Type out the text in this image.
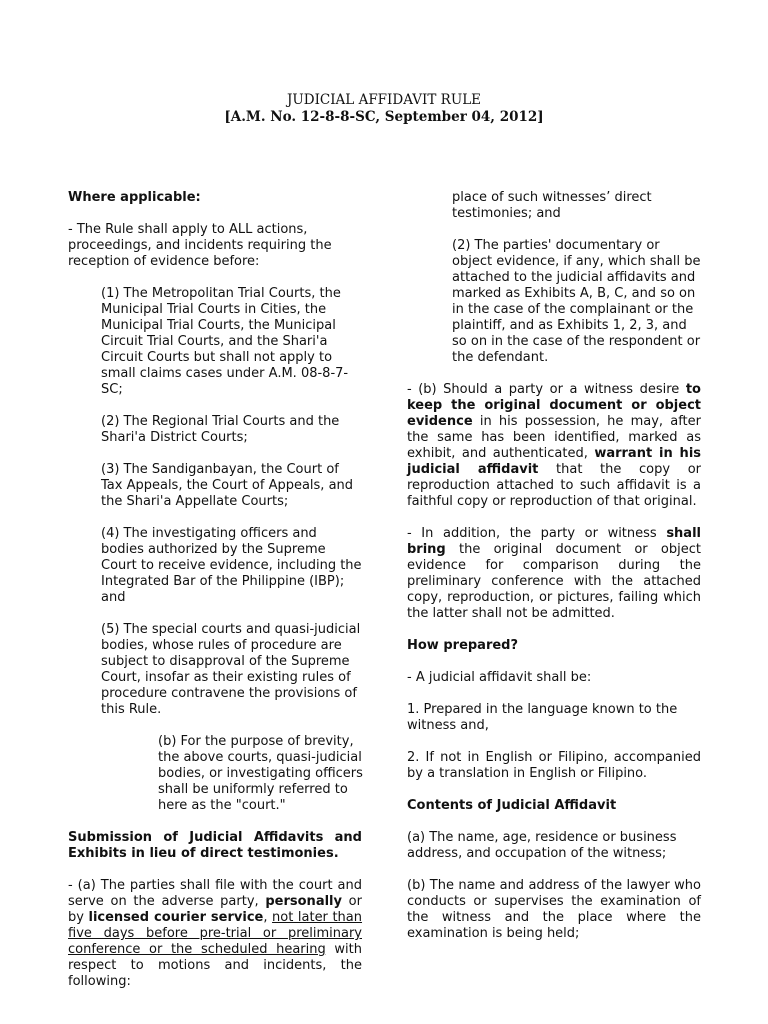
JUDICIAL AFFIDAVIT RULE
[A.M. No. 12-8-8-SC, September 04, 2012]

Where applicable:

- The Rule shall apply to ALL actions, proceedings, and incidents requiring the reception of evidence before:

(1) The Metropolitan Trial Courts, the Municipal Trial Courts in Cities, the Municipal Trial Courts, the Municipal Circuit Trial Courts, and the Shari'a Circuit Courts but shall not apply to small claims cases under A.M. 08-8-7-SC;

(2) The Regional Trial Courts and the Shari'a District Courts;

(3) The Sandiganbayan, the Court of Tax Appeals, the Court of Appeals, and the Shari'a Appellate Courts;

(4) The investigating officers and bodies authorized by the Supreme Court to receive evidence, including the Integrated Bar of the Philippine (IBP); and

(5) The special courts and quasi-judicial bodies, whose rules of procedure are subject to disapproval of the Supreme Court, insofar as their existing rules of procedure contravene the provisions of this Rule.

(b) For the purpose of brevity, the above courts, quasi-judicial bodies, or investigating officers shall be uniformly referred to here as the "court."

Submission of Judicial Affidavits and Exhibits in lieu of direct testimonies.

- (a) The parties shall file with the court and serve on the adverse party, personally or by licensed courier service, not later than five days before pre-trial or preliminary conference or the scheduled hearing with respect to motions and incidents, the following:

place of such witnesses’ direct testimonies; and

(2) The parties' documentary or object evidence, if any, which shall be attached to the judicial affidavits and marked as Exhibits A, B, C, and so on in the case of the complainant or the plaintiff, and as Exhibits 1, 2, 3, and so on in the case of the respondent or the defendant.

- (b) Should a party or a witness desire to keep the original document or object evidence in his possession, he may, after the same has been identified, marked as exhibit, and authenticated, warrant in his judicial affidavit that the copy or reproduction attached to such affidavit is a faithful copy or reproduction of that original.

- In addition, the party or witness shall bring the original document or object evidence for comparison during the preliminary conference with the attached copy, reproduction, or pictures, failing which the latter shall not be admitted.

How prepared?

- A judicial affidavit shall be:

1. Prepared in the language known to the witness and,

2. If not in English or Filipino, accompanied by a translation in English or Filipino.

Contents of Judicial Affidavit

(a) The name, age, residence or business address, and occupation of the witness;

(b) The name and address of the lawyer who conducts or supervises the examination of the witness and the place where the examination is being held;
